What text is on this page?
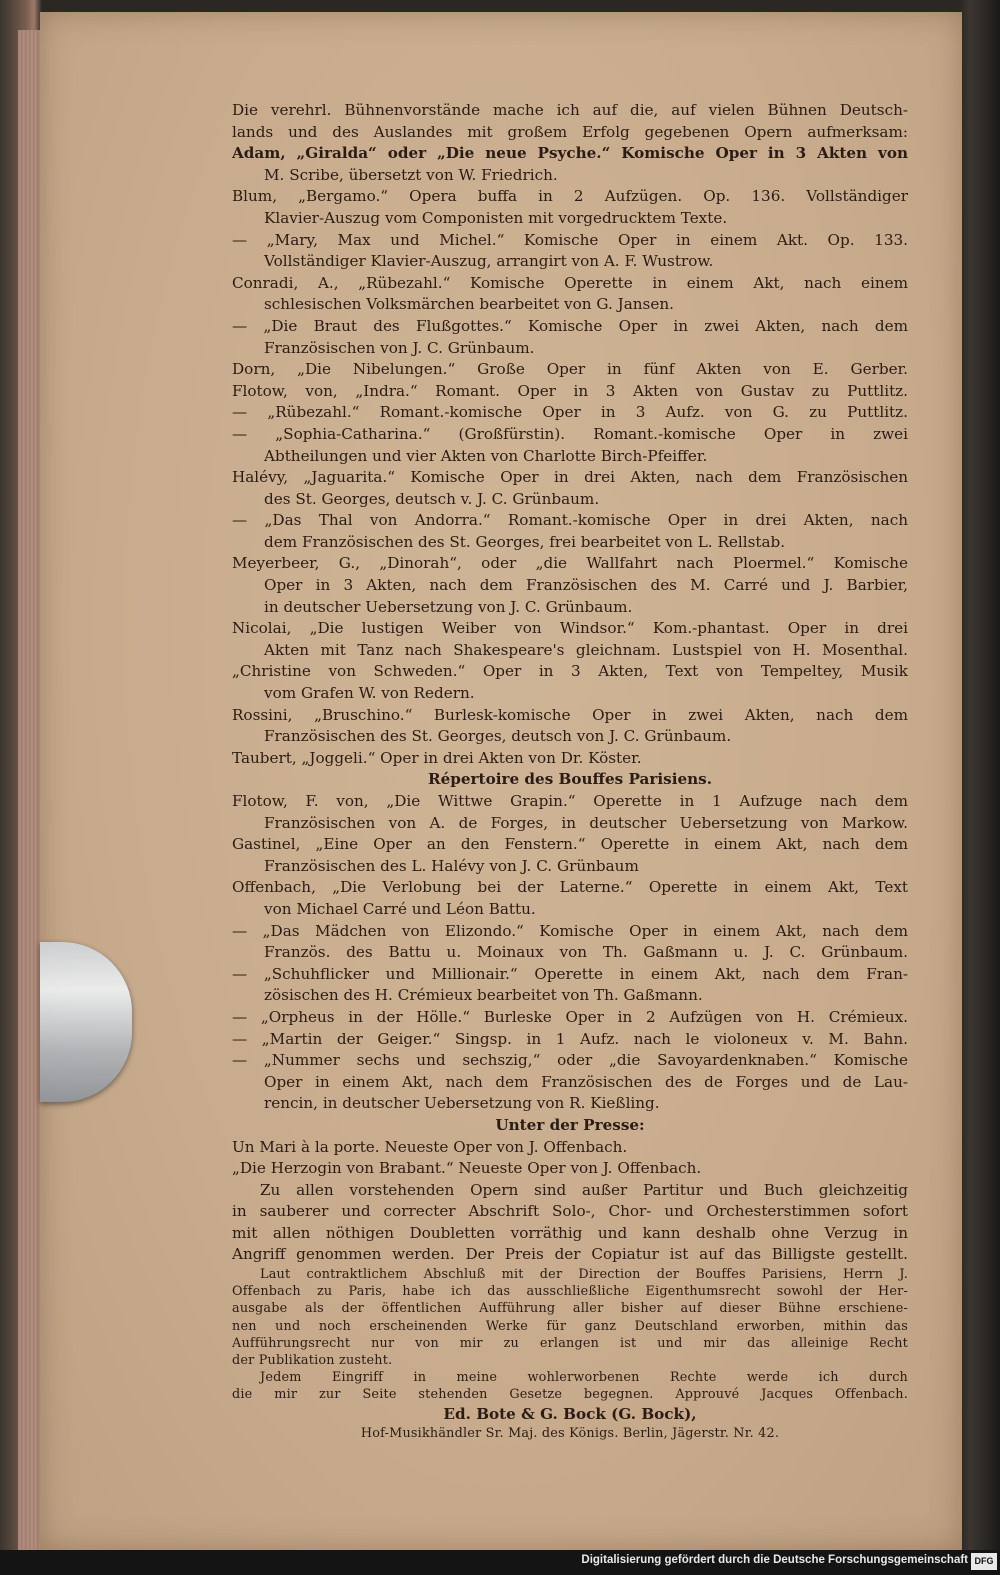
Die verehrl. Bühnenvorstände mache ich auf die, auf vielen Bühnen Deutsch-
lands und des Auslandes mit großem Erfolg gegebenen Opern aufmerksam:
Adam, „Giralda“ oder „Die neue Psyche.“ Komische Oper in 3 Akten von
M. Scribe, übersetzt von W. Friedrich.
Blum, „Bergamo.“ Opera buffa in 2 Aufzügen. Op. 136. Vollständiger
Klavier-Auszug vom Componisten mit vorgedrucktem Texte.
— „Mary, Max und Michel.“ Komische Oper in einem Akt. Op. 133.
Vollständiger Klavier-Auszug, arrangirt von A. F. Wustrow.
Conradi, A., „Rübezahl.“ Komische Operette in einem Akt, nach einem
schlesischen Volksmärchen bearbeitet von G. Jansen.
— „Die Braut des Flußgottes.“ Komische Oper in zwei Akten, nach dem
Französischen von J. C. Grünbaum.
Dorn, „Die Nibelungen.“ Große Oper in fünf Akten von E. Gerber.
Flotow, von, „Indra.“ Romant. Oper in 3 Akten von Gustav zu Puttlitz.
— „Rübezahl.“ Romant.-komische Oper in 3 Aufz. von G. zu Puttlitz.
— „Sophia-Catharina.“ (Großfürstin). Romant.-komische Oper in zwei
Abtheilungen und vier Akten von Charlotte Birch-Pfeiffer.
Halévy, „Jaguarita.“ Komische Oper in drei Akten, nach dem Französischen
des St. Georges, deutsch v. J. C. Grünbaum.
— „Das Thal von Andorra.“ Romant.-komische Oper in drei Akten, nach
dem Französischen des St. Georges, frei bearbeitet von L. Rellstab.
Meyerbeer, G., „Dinorah“, oder „die Wallfahrt nach Ploermel.“ Komische
Oper in 3 Akten, nach dem Französischen des M. Carré und J. Barbier,
in deutscher Uebersetzung von J. C. Grünbaum.
Nicolai, „Die lustigen Weiber von Windsor.“ Kom.-phantast. Oper in drei
Akten mit Tanz nach Shakespeare's gleichnam. Lustspiel von H. Mosenthal.
„Christine von Schweden.“ Oper in 3 Akten, Text von Tempeltey, Musik
vom Grafen W. von Redern.
Rossini, „Bruschino.“ Burlesk-komische Oper in zwei Akten, nach dem
Französischen des St. Georges, deutsch von J. C. Grünbaum.
Taubert, „Joggeli.“ Oper in drei Akten von Dr. Köster.
Répertoire des Bouffes Parisiens.
Flotow, F. von, „Die Wittwe Grapin.“ Operette in 1 Aufzuge nach dem
Französischen von A. de Forges, in deutscher Uebersetzung von Markow.
Gastinel, „Eine Oper an den Fenstern.“ Operette in einem Akt, nach dem
Französischen des L. Halévy von J. C. Grünbaum
Offenbach, „Die Verlobung bei der Laterne.“ Operette in einem Akt, Text
von Michael Carré und Léon Battu.
— „Das Mädchen von Elizondo.“ Komische Oper in einem Akt, nach dem
Französ. des Battu u. Moinaux von Th. Gaßmann u. J. C. Grünbaum.
— „Schuhflicker und Millionair.“ Operette in einem Akt, nach dem Fran-
zösischen des H. Crémieux bearbeitet von Th. Gaßmann.
— „Orpheus in der Hölle.“ Burleske Oper in 2 Aufzügen von H. Crémieux.
— „Martin der Geiger.“ Singsp. in 1 Aufz. nach le violoneux v. M. Bahn.
— „Nummer sechs und sechszig,“ oder „die Savoyardenknaben.“ Komische
Oper in einem Akt, nach dem Französischen des de Forges und de Lau-
rencin, in deutscher Uebersetzung von R. Kießling.
Unter der Presse:
Un Mari à la porte. Neueste Oper von J. Offenbach.
„Die Herzogin von Brabant.“ Neueste Oper von J. Offenbach.
Zu allen vorstehenden Opern sind außer Partitur und Buch gleichzeitig
in sauberer und correcter Abschrift Solo-, Chor- und Orchesterstimmen sofort
mit allen nöthigen Doubletten vorräthig und kann deshalb ohne Verzug in
Angriff genommen werden. Der Preis der Copiatur ist auf das Billigste gestellt.
Laut contraktlichem Abschluß mit der Direction der Bouffes Parisiens, Herrn J.
Offenbach zu Paris, habe ich das ausschließliche Eigenthumsrecht sowohl der Her-
ausgabe als der öffentlichen Aufführung aller bisher auf dieser Bühne erschiene-
nen und noch erscheinenden Werke für ganz Deutschland erworben, mithin das
Aufführungsrecht nur von mir zu erlangen ist und mir das alleinige Recht
der Publikation zusteht.
Jedem Eingriff in meine wohlerworbenen Rechte werde ich durch
die mir zur Seite stehenden Gesetze begegnen. Approuvé Jacques Offenbach.
Ed. Bote & G. Bock (G. Bock),
Hof-Musikhändler Sr. Maj. des Königs. Berlin, Jägerstr. Nr. 42.
Digitalisierung gefördert durch die Deutsche Forschungsgemeinschaft DFG
